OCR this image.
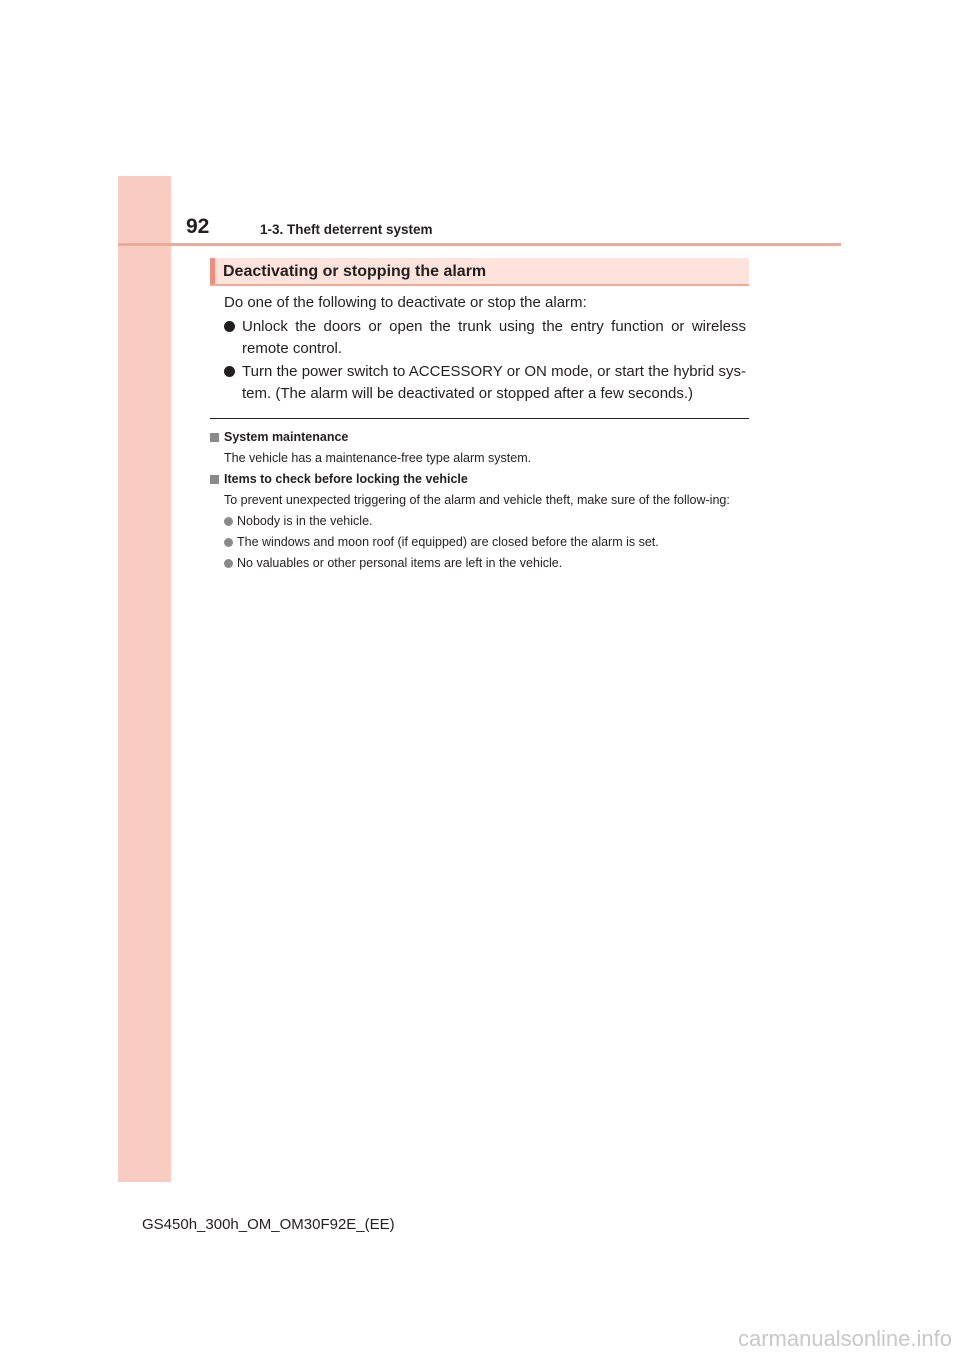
92	1-3. Theft deterrent system
Deactivating or stopping the alarm
Do one of the following to deactivate or stop the alarm:
Unlock the doors or open the trunk using the entry function or wireless remote control.
Turn the power switch to ACCESSORY or ON mode, or start the hybrid sys-tem. (The alarm will be deactivated or stopped after a few seconds.)
System maintenance
The vehicle has a maintenance-free type alarm system.
Items to check before locking the vehicle
To prevent unexpected triggering of the alarm and vehicle theft, make sure of the follow-ing:
Nobody is in the vehicle.
The windows and moon roof (if equipped) are closed before the alarm is set.
No valuables or other personal items are left in the vehicle.
GS450h_300h_OM_OM30F92E_(EE)
carmanualsonline.info
